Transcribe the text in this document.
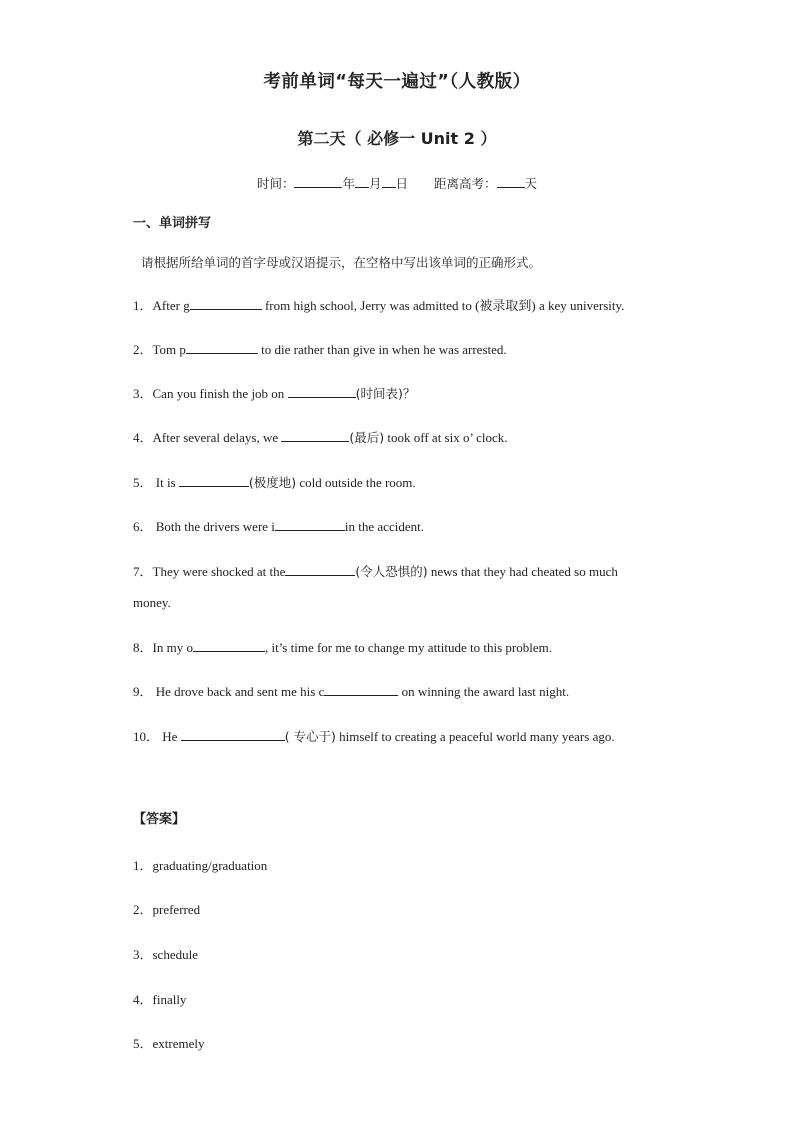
考前单词“每天一遍过”（人教版）
第二天（ 必修一 Unit 2 ）
时间：	年 月 日 距离高考： 天
一、单词拼写
请根据所给单词的首字母或汉语提示，在空格中写出该单词的正确形式。
1．After g	from high school, Jerry was admitted to (被录取到) a key university.
2．Tom p	to die rather than give in when he was arrested.
3．Can you finish the job on	(时间表)？
4．After several delays, we	(最后) took off at six o’ clock.
5． It is	(极度地) cold outside the room.
6． Both the drivers were i	in the accident.
7．They were shocked at the	(令人恐惧的) news that they had cheated so much
money.
8．In my o	, it’s time for me to change my attitude to this problem.
9． He drove back and sent me his c	on winning the award last night.
10． He	( 专心于) himself to creating a peaceful world many years ago.
【答案】
1．graduating/graduation
2．preferred
3．schedule
4．finally
5．extremely
